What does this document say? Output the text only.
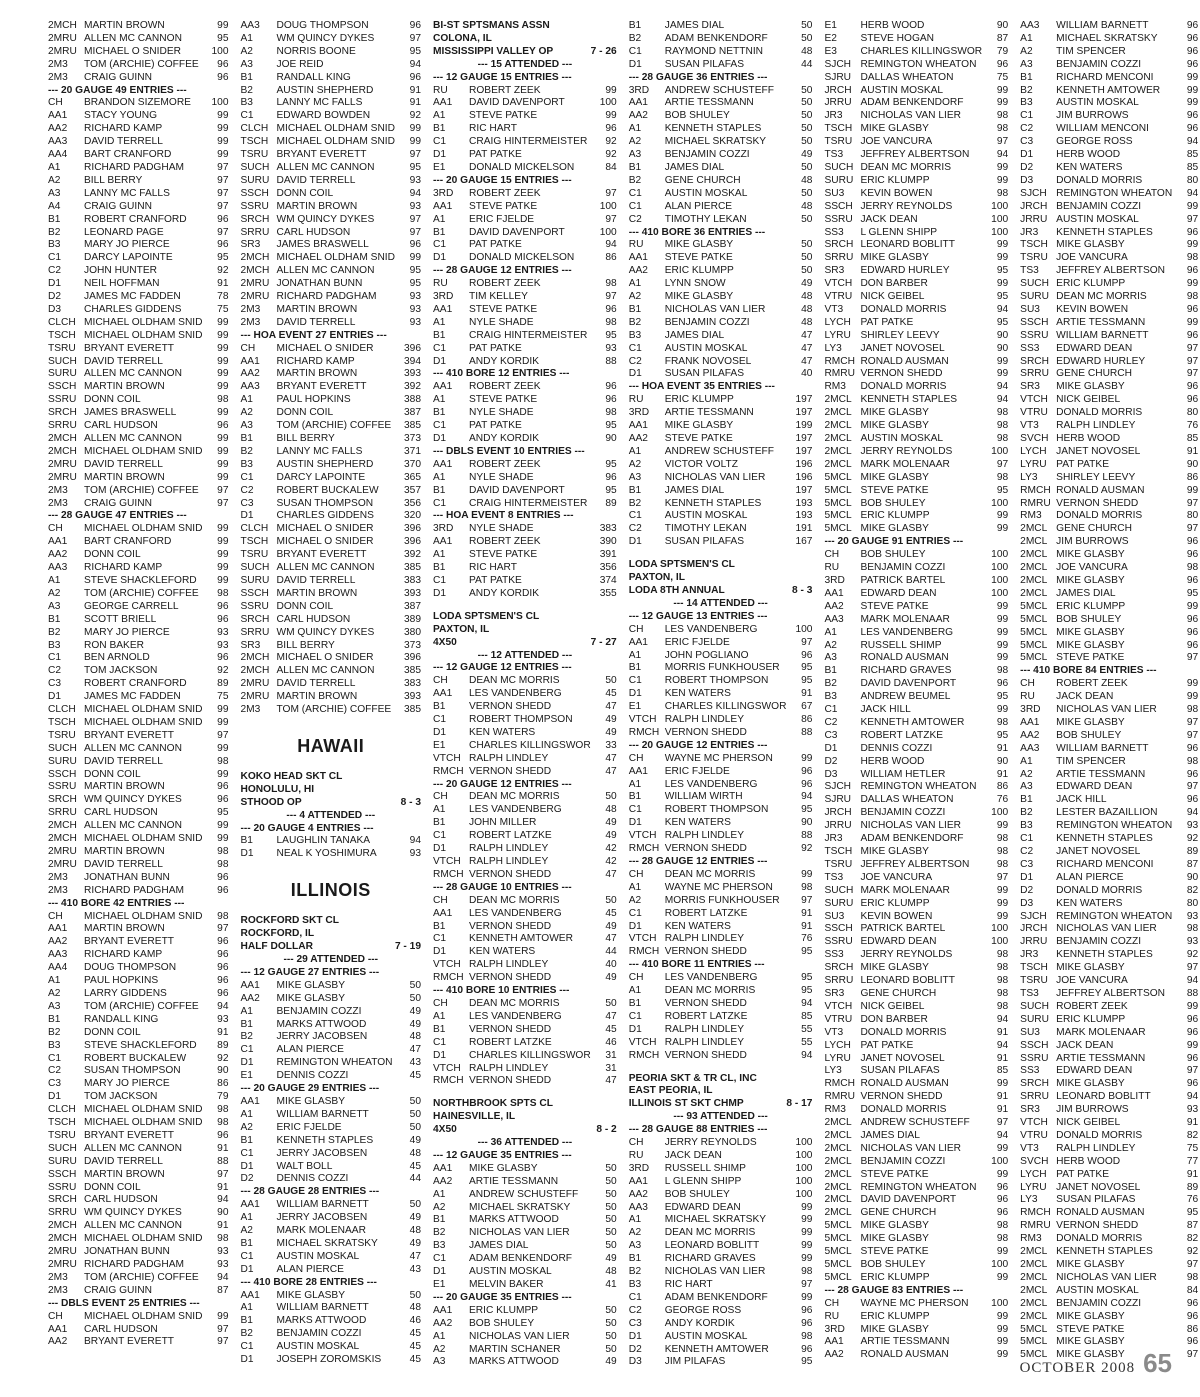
2MCH MARTIN BROWN	99
2MRU ALLEN MC CANNON	95
2MRU MICHAEL O SNIDER	100
2M3	TOM (ARCHIE) COFFEE	96
2M3	CRAIG GUINN	96
--- 20 GAUGE 49 ENTRIES ---
CH	BRANDON SIZEMORE	100
AA1	STACY YOUNG	99
AA2	RICHARD KAMP	99
AA3	DAVID TERRELL	99
AA4	BART CRANFORD	99
A1	RICHARD PADGHAM	97
A2	BILL BERRY	97
A3	LANNY MC FALLS	97
A4	CRAIG GUINN	97
B1	ROBERT CRANFORD	96
B2	LEONARD PAGE	97
B3	MARY JO PIERCE	96
C1	DARCY LAPOINTE	95
C2	JOHN HUNTER	92
D1	NEIL HOFFMAN	91
D2	JAMES MC FADDEN	78
D3	CHARLES GIDDENS	75
CLCH MICHAEL OLDHAM SNID	99
TSCH MICHAEL OLDHAM SNID	99
TSRU BRYANT EVERETT	99
SUCH DAVID TERRELL	99
SURU ALLEN MC CANNON	99
SSCH MARTIN BROWN	99
SSRU DONN COIL	98
SRCH JAMES BRASWELL	99
SRRU CARL HUDSON	96
2MCH ALLEN MC CANNON	99
2MCH MICHAEL OLDHAM SNID	99
2MRU DAVID TERRELL	99
2MRU MARTIN BROWN	99
2M3	TOM (ARCHIE) COFFEE	97
2M3	CRAIG GUINN	97
--- 28 GAUGE 47 ENTRIES ---
CH	MICHAEL OLDHAM SNID	99
AA1	BART CRANFORD	99
AA2	DONN COIL	99
AA3	RICHARD KAMP	99
A1	STEVE SHACKLEFORD	99
A2	TOM (ARCHIE) COFFEE	98
A3	GEORGE CARRELL	96
B1	SCOTT BRIELL	96
B2	MARY JO PIERCE	93
B3	RON BAKER	93
C1	BEN ARNOLD	96
C2	TOM JACKSON	92
C3	ROBERT CRANFORD	89
D1	JAMES MC FADDEN	75
CLCH MICHAEL OLDHAM SNID	99
TSCH MICHAEL OLDHAM SNID	99
TSRU BRYANT EVERETT	97
SUCH ALLEN MC CANNON	99
SURU DAVID TERRELL	98
SSCH DONN COIL	99
SSRU MARTIN BROWN	96
SRCH WM QUINCY DYKES	96
SRRU CARL HUDSON	95
2MCH ALLEN MC CANNON	99
2MCH MICHAEL OLDHAM SNID	99
2MRU MARTIN BROWN	98
2MRU DAVID TERRELL	98
2M3	JONATHAN BUNN	96
2M3	RICHARD PADGHAM	96
--- 410 BORE 42 ENTRIES ---
CH	MICHAEL OLDHAM SNID	98
AA1	MARTIN BROWN	97
AA2	BRYANT EVERETT	96
AA3	RICHARD KAMP	96
AA4	DOUG THOMPSON	96
A1	PAUL HOPKINS	96
A2	LARRY GIDDENS	96
A3	TOM (ARCHIE) COFFEE	94
B1	RANDALL KING	93
B2	DONN COIL	91
B3	STEVE SHACKLEFORD	89
C1	ROBERT BUCKALEW	92
C2	SUSAN THOMPSON	90
C3	MARY JO PIERCE	86
D1	TOM JACKSON	79
CLCH MICHAEL OLDHAM SNID	98
TSCH MICHAEL OLDHAM SNID	98
TSRU BRYANT EVERETT	96
SUCH ALLEN MC CANNON	91
SURU DAVID TERRELL	88
SSCH MARTIN BROWN	97
SSRU DONN COIL	91
SRCH CARL HUDSON	94
SRRU WM QUINCY DYKES	90
2MCH ALLEN MC CANNON	91
2MCH MICHAEL OLDHAM SNID	98
2MRU JONATHAN BUNN	93
2MRU RICHARD PADGHAM	93
2M3	TOM (ARCHIE) COFFEE	94
2M3	CRAIG GUINN	87
--- DBLS EVENT 25 ENTRIES ---
CH	MICHAEL OLDHAM SNID	99
AA1	CARL HUDSON	97
AA2	BRYANT EVERETT	97
AA3	DOUG THOMPSON	96
A1	WM QUINCY DYKES	97
A2	NORRIS BOONE	95
A3	JOE REID	94
B1	RANDALL KING	96
B2	AUSTIN SHEPHERD	91
B3	LANNY MC FALLS	91
C1	EDWARD BOWDEN	92
CLCH MICHAEL OLDHAM SNID	99
TSCH MICHAEL OLDHAM SNID	99
TSRU BRYANT EVERETT	97
SUCH ALLEN MC CANNON	95
SURU DAVID TERRELL	93
SSCH DONN COIL	94
SSRU MARTIN BROWN	93
SRCH WM QUINCY DYKES	97
SRRU CARL HUDSON	97
SR3	JAMES BRASWELL	96
2MCH MICHAEL OLDHAM SNID	99
2MCH ALLEN MC CANNON	95
2MRU JONATHAN BUNN	95
2MRU RICHARD PADGHAM	93
2M3	MARTIN BROWN	93
2M3	DAVID TERRELL	93
--- HOA EVENT 27 ENTRIES ---
CH	MICHAEL O SNIDER	396
AA1	RICHARD KAMP	394
AA2	MARTIN BROWN	393
AA3	BRYANT EVERETT	392
A1	PAUL HOPKINS	388
A2	DONN COIL	387
A3	TOM (ARCHIE) COFFEE	385
B1	BILL BERRY	373
B2	LANNY MC FALLS	371
B3	AUSTIN SHEPHERD	370
C1	DARCY LAPOINTE	365
C2	ROBERT BUCKALEW	357
C3	SUSAN THOMPSON	356
D1	CHARLES GIDDENS	320
CLCH MICHAEL O SNIDER	396
TSCH MICHAEL O SNIDER	396
TSRU BRYANT EVERETT	392
SUCH ALLEN MC CANNON	385
SURU DAVID TERRELL	383
SSCH MARTIN BROWN	393
SSRU DONN COIL	387
SRCH CARL HUDSON	389
SRRU WM QUINCY DYKES	380
SR3	BILL BERRY	373
2MCH MICHAEL O SNIDER	396
2MCH ALLEN MC CANNON	385
2MRU DAVID TERRELL	383
2MRU MARTIN BROWN	393
2M3	TOM (ARCHIE) COFFEE	385
HAWAII
KOKO HEAD SKT CL
HONOLULU, HI
STHOOD OP	8 - 3
--- 4 ATTENDED ---
--- 20 GAUGE 4 ENTRIES ---
B1	LAUGHLIN TANAKA	94
D1	NEAL K YOSHIMURA	93
ILLINOIS
ROCKFORD SKT CL
ROCKFORD, IL
HALF DOLLAR	7 - 19
--- 29 ATTENDED ---
--- 12 GAUGE 27 ENTRIES ---
AA1	MIKE GLASBY	50
AA2	MIKE GLASBY	50
A1	BENJAMIN COZZI	49
B1	MARKS ATTWOOD	49
B2	JERRY JACOBSEN	48
C1	ALAN PIERCE	47
D1	REMINGTON WHEATON	43
E1	DENNIS COZZI	45
--- 20 GAUGE 29 ENTRIES ---
AA1	MIKE GLASBY	50
A1	WILLIAM BARNETT	50
A2	ERIC FJELDE	50
B1	KENNETH STAPLES	49
C1	JERRY JACOBSEN	48
D1	WALT BOLL	45
D2	DENNIS COZZI	44
--- 28 GAUGE 28 ENTRIES ---
AA1	WILLIAM BARNETT	50
A1	JERRY JACOBSEN	49
A2	MARK MOLENAAR	48
B1	MICHAEL SKRATSKY	49
C1	AUSTIN MOSKAL	47
D1	ALAN PIERCE	43
--- 410 BORE 28 ENTRIES ---
AA1	MIKE GLASBY	50
A1	WILLIAM BARNETT	48
B1	MARKS ATTWOOD	46
B2	BENJAMIN COZZI	45
C1	AUSTIN MOSKAL	45
D1	JOSEPH ZOROMSKIS	45
BI-ST SPTSMANS ASSN
COLONA, IL
MISSISSIPPI VALLEY OP	7 - 26
--- 15 ATTENDED ---
--- 12 GAUGE 15 ENTRIES ---
RU	ROBERT ZEEK	99
AA1	DAVID DAVENPORT	100
A1	STEVE PATKE	99
B1	RIC HART	96
C1	CRAIG HINTERMEISTER	92
D1	PAT PATKE	92
E1	DONALD MICKELSON	84
--- 20 GAUGE 15 ENTRIES ---
3RD	ROBERT ZEEK	97
AA1	STEVE PATKE	100
A1	ERIC FJELDE	97
B1	DAVID DAVENPORT	100
C1	PAT PATKE	94
D1	DONALD MICKELSON	86
--- 28 GAUGE 12 ENTRIES ---
RU	ROBERT ZEEK	98
3RD	TIM KELLEY	97
AA1	STEVE PATKE	96
A1	NYLE SHADE	98
B1	CRAIG HINTERMEISTER	95
C1	PAT PATKE	93
D1	ANDY KORDIK	88
--- 410 BORE 12 ENTRIES ---
AA1	ROBERT ZEEK	96
A1	STEVE PATKE	96
B1	NYLE SHADE	98
C1	PAT PATKE	95
D1	ANDY KORDIK	90
--- DBLS EVENT 10 ENTRIES ---
AA1	ROBERT ZEEK	95
A1	NYLE SHADE	96
B1	DAVID DAVENPORT	95
C1	CRAIG HINTERMEISTER	89
--- HOA EVENT 8 ENTRIES ---
3RD	NYLE SHADE	383
AA1	ROBERT ZEEK	390
A1	STEVE PATKE	391
B1	RIC HART	356
C1	PAT PATKE	374
D1	ANDY KORDIK	355
LODA SPTSMEN'S CL
PAXTON, IL
4X50	7 - 27
--- 12 ATTENDED ---
--- 12 GAUGE 12 ENTRIES ---
CH	DEAN MC MORRIS	50
AA1	LES VANDENBERG	45
B1	VERNON SHEDD	47
C1	ROBERT THOMPSON	49
D1	KEN WATERS	49
E1	CHARLES KILLINGSWOR	33
VTCH RALPH LINDLEY	47
RMCH VERNON SHEDD	47
--- 20 GAUGE 12 ENTRIES ---
CH	DEAN MC MORRIS	50
A1	LES VANDENBERG	48
B1	JOHN MILLER	49
C1	ROBERT LATZKE	49
D1	RALPH LINDLEY	42
VTCH RALPH LINDLEY	42
RMCH VERNON SHEDD	47
--- 28 GAUGE 10 ENTRIES ---
CH	DEAN MC MORRIS	50
AA1	LES VANDENBERG	45
B1	VERNON SHEDD	49
C1	KENNETH AMTOWER	47
D1	KEN WATERS	44
VTCH RALPH LINDLEY	40
RMCH VERNON SHEDD	49
--- 410 BORE 10 ENTRIES ---
CH	DEAN MC MORRIS	50
A1	LES VANDENBERG	47
B1	VERNON SHEDD	45
C1	ROBERT LATZKE	46
D1	CHARLES KILLINGSWOR	31
VTCH RALPH LINDLEY	31
RMCH VERNON SHEDD	47
NORTHBROOK SPTS CL
HAINESVILLE, IL
4X50	8 - 2
--- 36 ATTENDED ---
--- 12 GAUGE 35 ENTRIES ---
AA1	MIKE GLASBY	50
AA2	ARTIE TESSMANN	50
A1	ANDREW SCHUSTEFF	50
A2	MICHAEL SKRATSKY	50
B1	MARKS ATTWOOD	50
B2	NICHOLAS VAN LIER	50
B3	JAMES DIAL	50
C1	ADAM BENKENDORF	49
D1	AUSTIN MOSKAL	48
E1	MELVIN BAKER	41
--- 20 GAUGE 35 ENTRIES ---
AA1	ERIC KLUMPP	50
AA2	BOB SHULEY	50
A1	NICHOLAS VAN LIER	50
A2	MARTIN SCHANER	50
A3	MARKS ATTWOOD	49
B1	JAMES DIAL	50
B2	ADAM BENKENDORF	50
C1	RAYMOND NETTNIN	48
D1	SUSAN PILAFAS	44
--- 28 GAUGE 36 ENTRIES ---
3RD	ANDREW SCHUSTEFF	50
AA1	ARTIE TESSMANN	50
AA2	BOB SHULEY	50
A1	KENNETH STAPLES	50
A2	MICHAEL SKRATSKY	50
A3	BENJAMIN COZZI	49
B1	JAMES DIAL	50
B2	GENE CHURCH	48
C1	AUSTIN MOSKAL	50
C1	ALAN PIERCE	48
C2	TIMOTHY LEKAN	50
--- 410 BORE 36 ENTRIES ---
RU	MIKE GLASBY	50
AA1	STEVE PATKE	50
AA2	ERIC KLUMPP	50
A1	LYNN SNOW	49
A2	MIKE GLASBY	48
B1	NICHOLAS VAN LIER	48
B2	BENJAMIN COZZI	48
B3	JAMES DIAL	47
C1	AUSTIN MOSKAL	47
C2	FRANK NOVOSEL	47
D1	SUSAN PILAFAS	40
--- HOA EVENT 35 ENTRIES ---
RU	ERIC KLUMPP	197
3RD	ARTIE TESSMANN	197
AA1	MIKE GLASBY	199
AA2	STEVE PATKE	197
A1	ANDREW SCHUSTEFF	197
A2	VICTOR VOLTZ	196
A3	NICHOLAS VAN LIER	196
B1	JAMES DIAL	197
B2	KENNETH STAPLES	193
C1	AUSTIN MOSKAL	193
C2	TIMOTHY LEKAN	191
D1	SUSAN PILAFAS	167
LODA SPTSMEN'S CL
PAXTON, IL
LODA 8TH ANNUAL	8 - 3
--- 14 ATTENDED ---
--- 12 GAUGE 13 ENTRIES ---
CH	LES VANDENBERG	100
AA1	ERIC FJELDE	97
A1	JOHN POGLIANO	96
B1	MORRIS FUNKHOUSER	95
C1	ROBERT THOMPSON	95
D1	KEN WATERS	91
E1	CHARLES KILLINGSWOR	67
VTCH RALPH LINDLEY	86
RMCH VERNON SHEDD	88
--- 20 GAUGE 12 ENTRIES ---
CH	WAYNE MC PHERSON	99
AA1	ERIC FJELDE	96
A1	LES VANDENBERG	96
B1	WILLIAM WIRTH	94
C1	ROBERT THOMPSON	95
D1	KEN WATERS	90
VTCH RALPH LINDLEY	88
RMCH VERNON SHEDD	92
--- 28 GAUGE 12 ENTRIES ---
CH	DEAN MC MORRIS	99
A1	WAYNE MC PHERSON	98
A2	MORRIS FUNKHOUSER	97
C1	ROBERT LATZKE	91
D1	KEN WATERS	91
VTCH RALPH LINDLEY	76
RMCH VERNON SHEDD	95
--- 410 BORE 11 ENTRIES ---
CH	LES VANDENBERG	95
A1	DEAN MC MORRIS	95
B1	VERNON SHEDD	94
C1	ROBERT LATZKE	85
D1	RALPH LINDLEY	55
VTCH RALPH LINDLEY	55
RMCH VERNON SHEDD	94
PEORIA SKT & TR CL, INC
EAST PEORIA, IL
ILLINOIS ST SKT CHMP	8 - 17
--- 93 ATTENDED ---
--- 28 GAUGE 88 ENTRIES ---
CH	JERRY REYNOLDS	100
RU	JACK DEAN	100
3RD	RUSSELL SHIMP	100
AA1	L GLENN SHIPP	100
AA2	BOB SHULEY	100
AA3	EDWARD DEAN	99
A1	MICHAEL SKRATSKY	99
A2	DEAN MC MORRIS	99
A3	LEONARD BOBLITT	99
B1	RICHARD GRAVES	99
B2	NICHOLAS VAN LIER	98
B3	RIC HART	97
C1	ADAM BENKENDORF	99
C2	GEORGE ROSS	96
C3	ANDY KORDIK	96
D1	AUSTIN MOSKAL	98
D2	KENNETH AMTOWER	96
D3	JIM PILAFAS	95
E1	HERB WOOD	90
E2	STEVE HOGAN	87
E3	CHARLES KILLINGSWOR	79
SJCH REMINGTON WHEATON	96
SJRU DALLAS WHEATON	75
JRCH AUSTIN MOSKAL	99
JRRU ADAM BENKENDORF	99
JR3	NICHOLAS VAN LIER	98
TSCH MIKE GLASBY	98
TSRU JOE VANCURA	97
TS3	JEFFREY ALBERTSON	94
SUCH DEAN MC MORRIS	99
SURU ERIC KLUMPP	99
SU3	KEVIN BOWEN	98
SSCH JERRY REYNOLDS	100
SSRU JACK DEAN	100
SS3	L GLENN SHIPP	100
SRCH LEONARD BOBLITT	99
SRRU MIKE GLASBY	99
SR3	EDWARD HURLEY	95
VTCH DON BARBER	99
VTRU NICK GEIBEL	95
VT3	DONALD MORRIS	94
LYCH PAT PATKE	95
LYRU SHIRLEY LEEVY	90
LY3	JANET NOVOSEL	90
RMCH RONALD AUSMAN	99
RMRU VERNON SHEDD	99
RM3	DONALD MORRIS	94
2MCL KENNETH STAPLES	94
2MCL MIKE GLASBY	98
2MCL MIKE GLASBY	98
2MCL AUSTIN MOSKAL	98
2MCL JERRY REYNOLDS	100
2MCL MARK MOLENAAR	97
5MCL MIKE GLASBY	98
5MCL STEVE PATKE	95
5MCL BOB SHULEY	100
5MCL ERIC KLUMPP	99
5MCL MIKE GLASBY	99
--- 20 GAUGE 91 ENTRIES ---
CH	BOB SHULEY	100
RU	BENJAMIN COZZI	100
3RD	PATRICK BARTEL	100
AA1	EDWARD DEAN	100
AA2	STEVE PATKE	99
AA3	MARK MOLENAAR	99
A1	LES VANDENBERG	99
A2	RUSSELL SHIMP	99
A3	RONALD AUSMAN	99
B1	RICHARD GRAVES	98
B2	DAVID DAVENPORT	96
B3	ANDREW BEUMEL	95
C1	JACK HILL	99
C2	KENNETH AMTOWER	98
C3	ROBERT LATZKE	95
D1	DENNIS COZZI	91
D2	HERB WOOD	90
D3	WILLIAM HETLER	91
SJCH REMINGTON WHEATON	86
SJRU DALLAS WHEATON	76
JRCH BENJAMIN COZZI	100
JRRU NICHOLAS VAN LIER	99
JR3	ADAM BENKENDORF	98
TSCH MIKE GLASBY	98
TSRU JEFFREY ALBERTSON	98
TS3	JOE VANCURA	97
SUCH MARK MOLENAAR	99
SURU ERIC KLUMPP	99
SU3	KEVIN BOWEN	99
SSCH PATRICK BARTEL	100
SSRU EDWARD DEAN	100
SS3	JERRY REYNOLDS	98
SRCH MIKE GLASBY	98
SRRU LEONARD BOBLITT	98
SR3	GENE CHURCH	98
VTCH NICK GEIBEL	98
VTRU DON BARBER	94
VT3	DONALD MORRIS	91
LYCH PAT PATKE	94
LYRU JANET NOVOSEL	91
LY3	SUSAN PILAFAS	85
RMCH RONALD AUSMAN	99
RMRU VERNON SHEDD	91
RM3	DONALD MORRIS	91
2MCL ANDREW SCHUSTEFF	97
2MCL JAMES DIAL	94
2MCL NICHOLAS VAN LIER	99
2MCL BENJAMIN COZZI	100
2MCL STEVE PATKE	99
2MCL REMINGTON WHEATON	96
2MCL DAVID DAVENPORT	96
2MCL GENE CHURCH	96
5MCL MIKE GLASBY	98
5MCL MIKE GLASBY	98
5MCL STEVE PATKE	99
5MCL BOB SHULEY	100
5MCL ERIC KLUMPP	99
--- 28 GAUGE 83 ENTRIES ---
CH	WAYNE MC PHERSON	100
RU	ERIC KLUMPP	99
3RD	MIKE GLASBY	99
AA1	ARTIE TESSMANN	99
AA2	RONALD AUSMAN	99
AA3	WILLIAM BARNETT	96
A1	MICHAEL SKRATSKY	96
A2	TIM SPENCER	96
A3	BENJAMIN COZZI	96
B1	RICHARD MENCONI	99
B2	KENNETH AMTOWER	99
B3	AUSTIN MOSKAL	99
C1	JIM BURROWS	96
C2	WILLIAM MENCONI	96
C3	GEORGE ROSS	94
D1	HERB WOOD	85
D2	KEN WATERS	85
D3	DONALD MORRIS	80
SJCH REMINGTON WHEATON	94
JRCH BENJAMIN COZZI	99
JRRU AUSTIN MOSKAL	97
JR3	KENNETH STAPLES	96
TSCH MIKE GLASBY	99
TSRU JOE VANCURA	98
TS3	JEFFREY ALBERTSON	96
SUCH ERIC KLUMPP	99
SURU DEAN MC MORRIS	98
SU3	KEVIN BOWEN	96
SSCH ARTIE TESSMANN	99
SSRU WILLIAM BARNETT	96
SS3	EDWARD DEAN	97
SRCH EDWARD HURLEY	97
SRRU GENE CHURCH	97
SR3	MIKE GLASBY	96
VTCH NICK GEIBEL	96
VTRU DONALD MORRIS	80
VT3	RALPH LINDLEY	76
SVCH HERB WOOD	85
LYCH JANET NOVOSEL	91
LYRU PAT PATKE	90
LY3	SHIRLEY LEEVY	86
RMCH RONALD AUSMAN	99
RMRU VERNON SHEDD	97
RM3	DONALD MORRIS	80
2MCL GENE CHURCH	97
2MCL JIM BURROWS	96
2MCL MIKE GLASBY	96
2MCL JOE VANCURA	98
2MCL MIKE GLASBY	96
2MCL JAMES DIAL	95
5MCL ERIC KLUMPP	99
5MCL BOB SHULEY	96
5MCL MIKE GLASBY	96
5MCL MIKE GLASBY	96
5MCL STEVE PATKE	97
--- 410 BORE 84 ENTRIES ---
CH	ROBERT ZEEK	99
RU	JACK DEAN	99
3RD	NICHOLAS VAN LIER	98
AA1	MIKE GLASBY	97
AA2	BOB SHULEY	97
AA3	WILLIAM BARNETT	96
A1	TIM SPENCER	98
A2	ARTIE TESSMANN	96
A3	EDWARD DEAN	97
B1	JACK HILL	96
B2	LESTER BAZAILLION	94
B3	REMINGTON WHEATON	93
C1	KENNETH STAPLES	92
C2	JANET NOVOSEL	89
C3	RICHARD MENCONI	87
D1	ALAN PIERCE	90
D2	DONALD MORRIS	82
D3	KEN WATERS	80
SJCH REMINGTON WHEATON	93
JRCH NICHOLAS VAN LIER	98
JRRU BENJAMIN COZZI	93
JR3	KENNETH STAPLES	92
TSCH MIKE GLASBY	97
TSRU JOE VANCURA	94
TS3	JEFFREY ALBERTSON	88
SUCH ROBERT ZEEK	99
SURU ERIC KLUMPP	96
SU3	MARK MOLENAAR	96
SSCH JACK DEAN	99
SSRU ARTIE TESSMANN	96
SS3	EDWARD DEAN	97
SRCH MIKE GLASBY	96
SRRU LEONARD BOBLITT	94
SR3	JIM BURROWS	93
VTCH NICK GEIBEL	91
VTRU DONALD MORRIS	82
VT3	RALPH LINDLEY	75
SVCH HERB WOOD	77
LYCH PAT PATKE	91
LYRU JANET NOVOSEL	89
LY3	SUSAN PILAFAS	76
RMCH RONALD AUSMAN	95
RMRU VERNON SHEDD	87
RM3	DONALD MORRIS	82
2MCL KENNETH STAPLES	92
2MCL MIKE GLASBY	97
2MCL NICHOLAS VAN LIER	98
2MCL AUSTIN MOSKAL	84
2MCL BENJAMIN COZZI	96
2MCL MIKE GLASBY	96
5MCL STEVE PATKE	86
5MCL MIKE GLASBY	96
5MCL MIKE GLASBY	97
OCTOBER 2008 65
